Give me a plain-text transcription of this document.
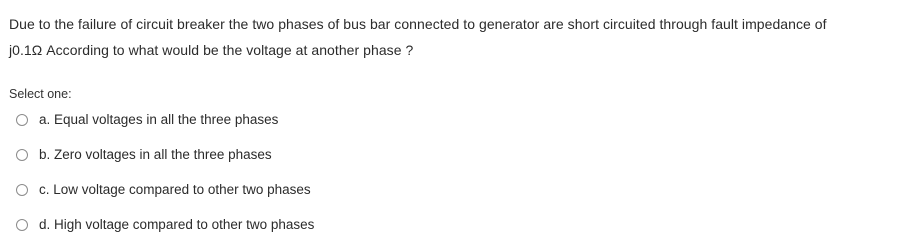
Due to the failure of circuit breaker the two phases of bus bar connected to generator are short circuited through fault impedance of
j0.1Ω According to what would be the voltage at another phase ?
Select one:
a. Equal voltages in all the three phases
b. Zero voltages in all the three phases
c. Low voltage compared to other two phases
d. High voltage compared to other two phases
